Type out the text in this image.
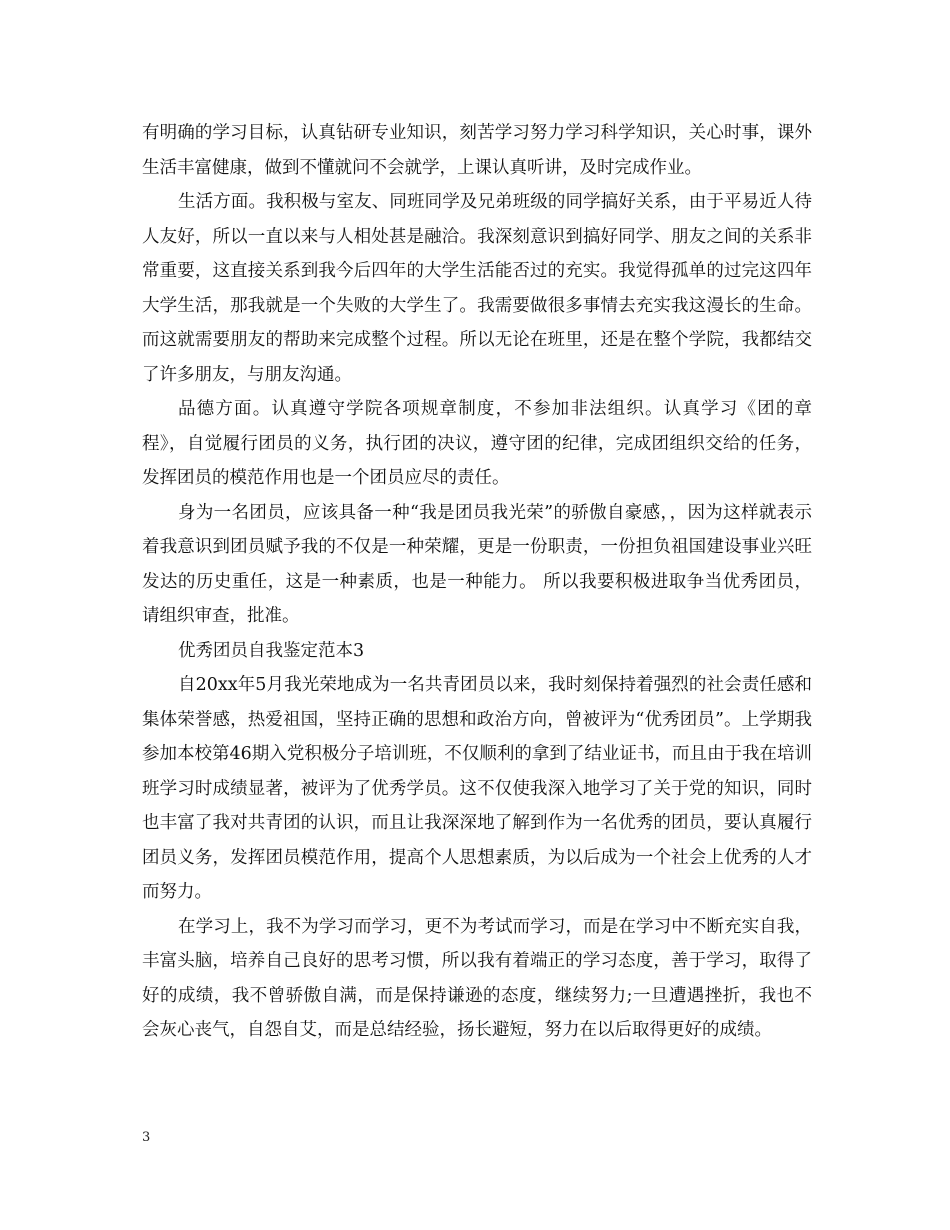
有明确的学习目标，认真钻研专业知识，刻苦学习努力学习科学知识，关心时事，课外生活丰富健康，做到不懂就问不会就学，上课认真听讲，及时完成作业。

生活方面。我积极与室友、同班同学及兄弟班级的同学搞好关系，由于平易近人待人友好，所以一直以来与人相处甚是融洽。我深刻意识到搞好同学、朋友之间的关系非常重要，这直接关系到我今后四年的大学生活能否过的充实。我觉得孤单的过完这四年大学生活，那我就是一个失败的大学生了。我需要做很多事情去充实我这漫长的生命。而这就需要朋友的帮助来完成整个过程。所以无论在班里，还是在整个学院，我都结交了许多朋友，与朋友沟通。

品德方面。认真遵守学院各项规章制度，不参加非法组织。认真学习《团的章程》，自觉履行团员的义务，执行团的决议，遵守团的纪律，完成团组织交给的任务，发挥团员的模范作用也是一个团员应尽的责任。

身为一名团员，应该具备一种“我是团员我光荣”的骄傲自豪感，，因为这样就表示着我意识到团员赋予我的不仅是一种荣耀，更是一份职责，一份担负祖国建设事业兴旺发达的历史重任，这是一种素质，也是一种能力。 所以我要积极进取争当优秀团员，请组织审查，批准。

优秀团员自我鉴定范本3

自20xx年5月我光荣地成为一名共青团员以来，我时刻保持着强烈的社会责任感和集体荣誉感，热爱祖国，坚持正确的思想和政治方向，曾被评为“优秀团员”。上学期我参加本校第46期入党积极分子培训班，不仅顺利的拿到了结业证书，而且由于我在培训班学习时成绩显著，被评为了优秀学员。这不仅使我深入地学习了关于党的知识，同时也丰富了我对共青团的认识，而且让我深深地了解到作为一名优秀的团员，要认真履行团员义务，发挥团员模范作用，提高个人思想素质，为以后成为一个社会上优秀的人才而努力。

在学习上，我不为学习而学习，更不为考试而学习，而是在学习中不断充实自我，丰富头脑，培养自己良好的思考习惯，所以我有着端正的学习态度，善于学习，取得了好的成绩，我不曾骄傲自满，而是保持谦逊的态度，继续努力;一旦遭遇挫折，我也不会灰心丧气，自怨自艾，而是总结经验，扬长避短，努力在以后取得更好的成绩。

3
